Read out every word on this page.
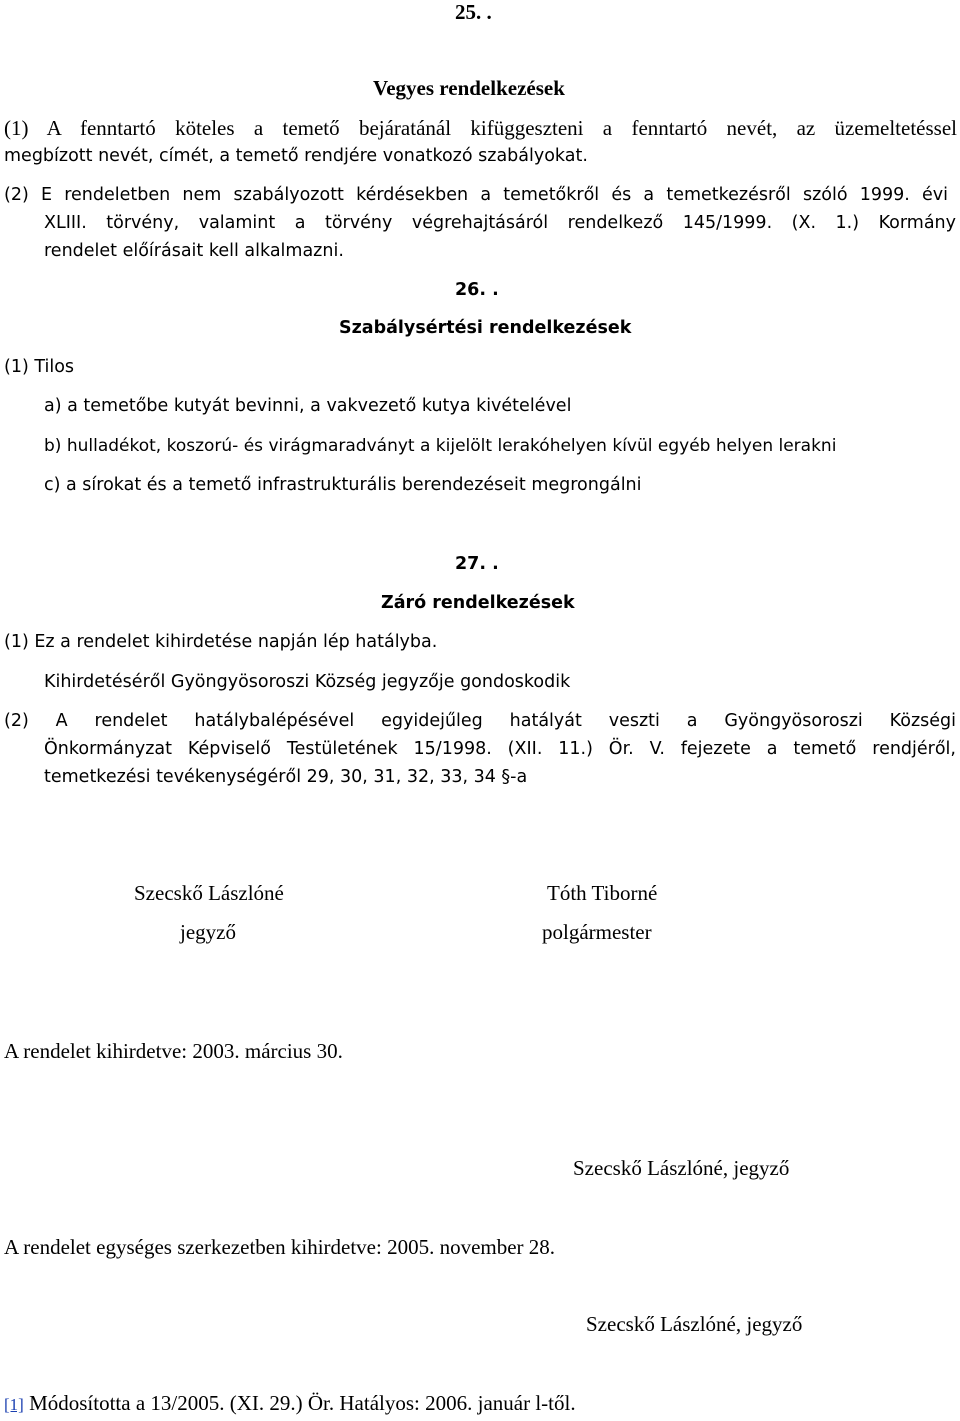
25. .
Vegyes rendelkezések
(1) A fenntartó köteles a temető bejáratánál kifüggeszteni a fenntartó nevét, az üzemeltetéssel
megbízott nevét, címét, a temető rendjére vonatkozó szabályokat.
(2) E rendeletben nem szabályozott kérdésekben a temetőkről és a temetkezésről szóló 1999. évi
XLIII. törvény, valamint a törvény végrehajtásáról rendelkező 145/1999. (X. 1.) Kormány
rendelet előírásait kell alkalmazni.
26. .
Szabálysértési rendelkezések
(1) Tilos
a) a temetőbe kutyát bevinni, a vakvezető kutya kivételével
b) hulladékot, koszorú- és virágmaradványt a kijelölt lerakóhelyen kívül egyéb helyen lerakni
c) a sírokat és a temető infrastrukturális berendezéseit megrongálni
27. .
Záró rendelkezések
(1) Ez a rendelet kihirdetése napján lép hatályba.
Kihirdetéséről Gyöngyösoroszi Község jegyzője gondoskodik
(2) A rendelet hatálybalépésével egyidejűleg hatályát veszti a Gyöngyösoroszi Községi
Önkormányzat Képviselő Testületének 15/1998. (XII. 11.) Ör. V. fejezete a temető rendjéről,
temetkezési tevékenységéről 29, 30, 31, 32, 33, 34 §-a
Szecskő Lászlóné
jegyző
Tóth Tiborné
polgármester
A rendelet kihirdetve: 2003. március 30.
Szecskő Lászlóné, jegyző
A rendelet egységes szerkezetben kihirdetve: 2005. november 28.
Szecskő Lászlóné, jegyző
[1] Módosította a 13/2005. (XI. 29.) Ör. Hatályos: 2006. január l-től.
